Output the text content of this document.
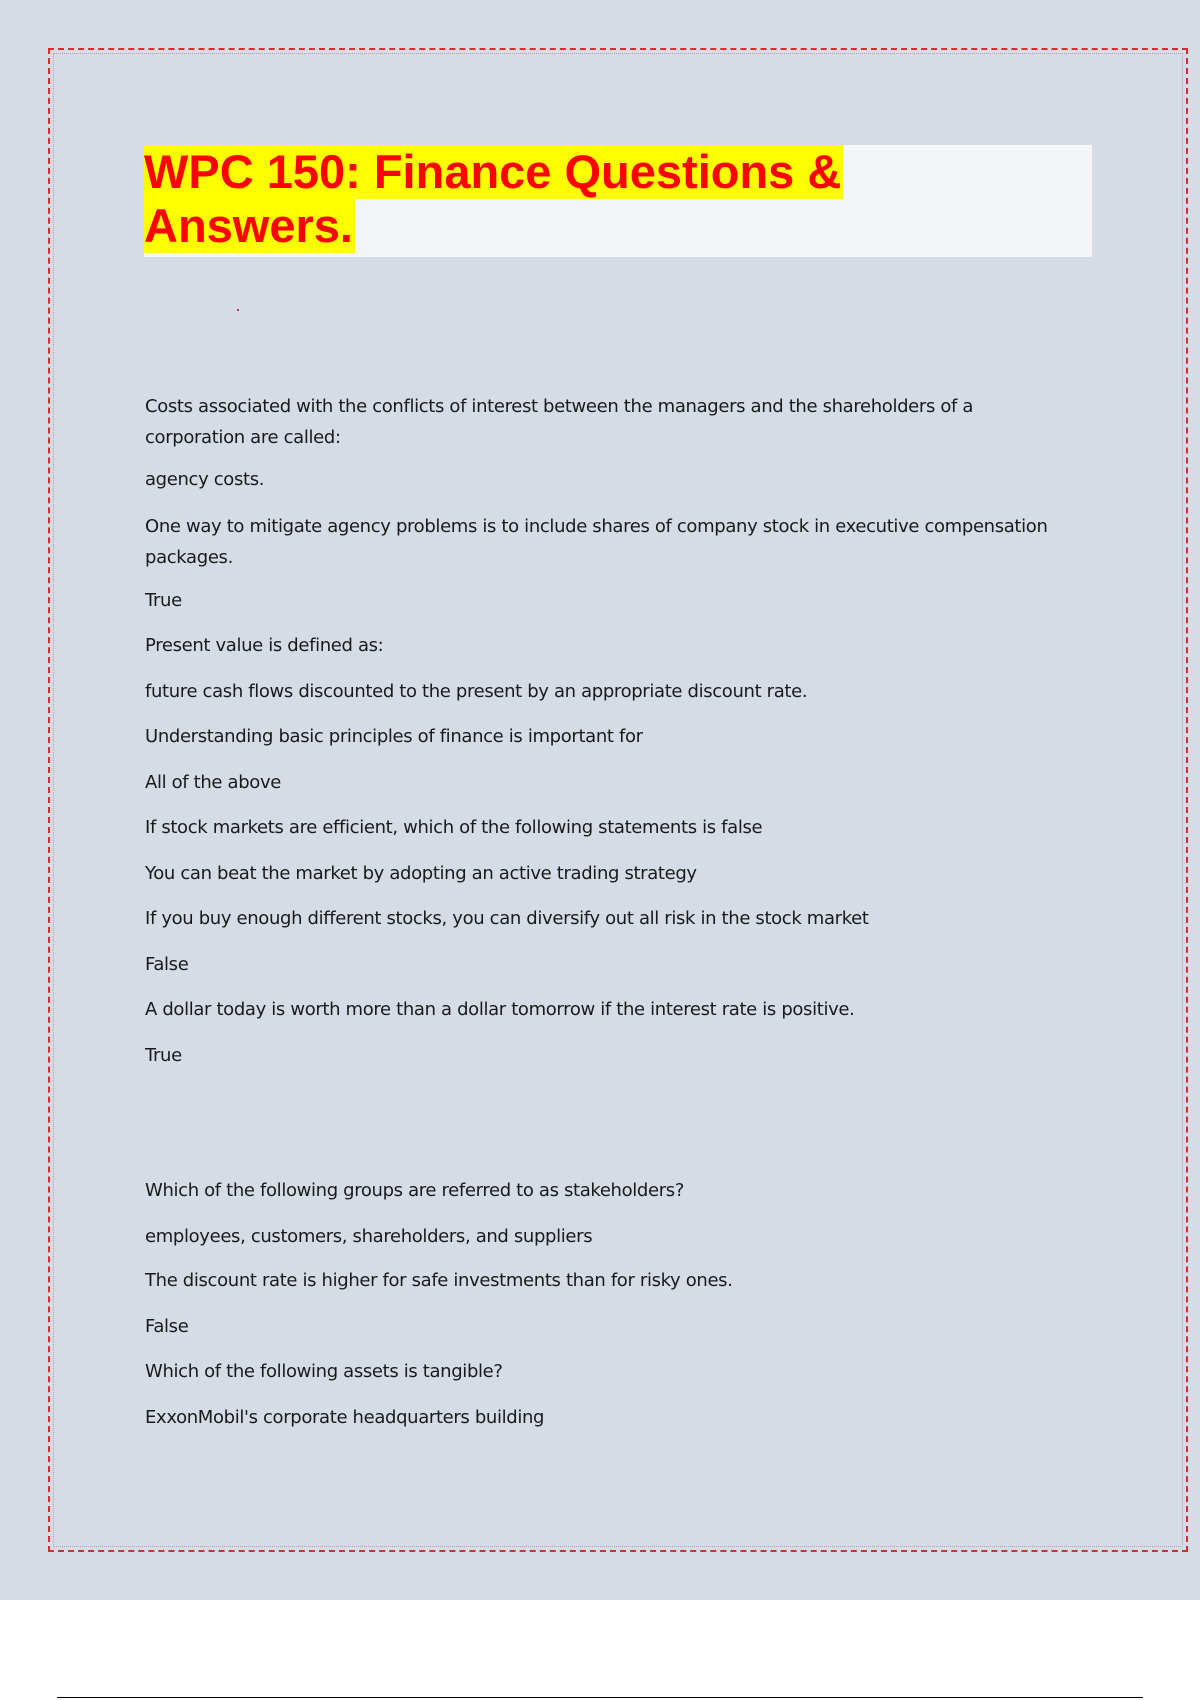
WPC 150: Finance Questions &
Answers.

Costs associated with the conflicts of interest between the managers and the shareholders of a corporation are called:

agency costs.

One way to mitigate agency problems is to include shares of company stock in executive compensation packages.

True

Present value is defined as:

future cash flows discounted to the present by an appropriate discount rate.

Understanding basic principles of finance is important for

All of the above

If stock markets are efficient, which of the following statements is false

You can beat the market by adopting an active trading strategy

If you buy enough different stocks, you can diversify out all risk in the stock market

False

A dollar today is worth more than a dollar tomorrow if the interest rate is positive.

True

Which of the following groups are referred to as stakeholders?

employees, customers, shareholders, and suppliers

The discount rate is higher for safe investments than for risky ones.

False

Which of the following assets is tangible?

ExxonMobil's corporate headquarters building
